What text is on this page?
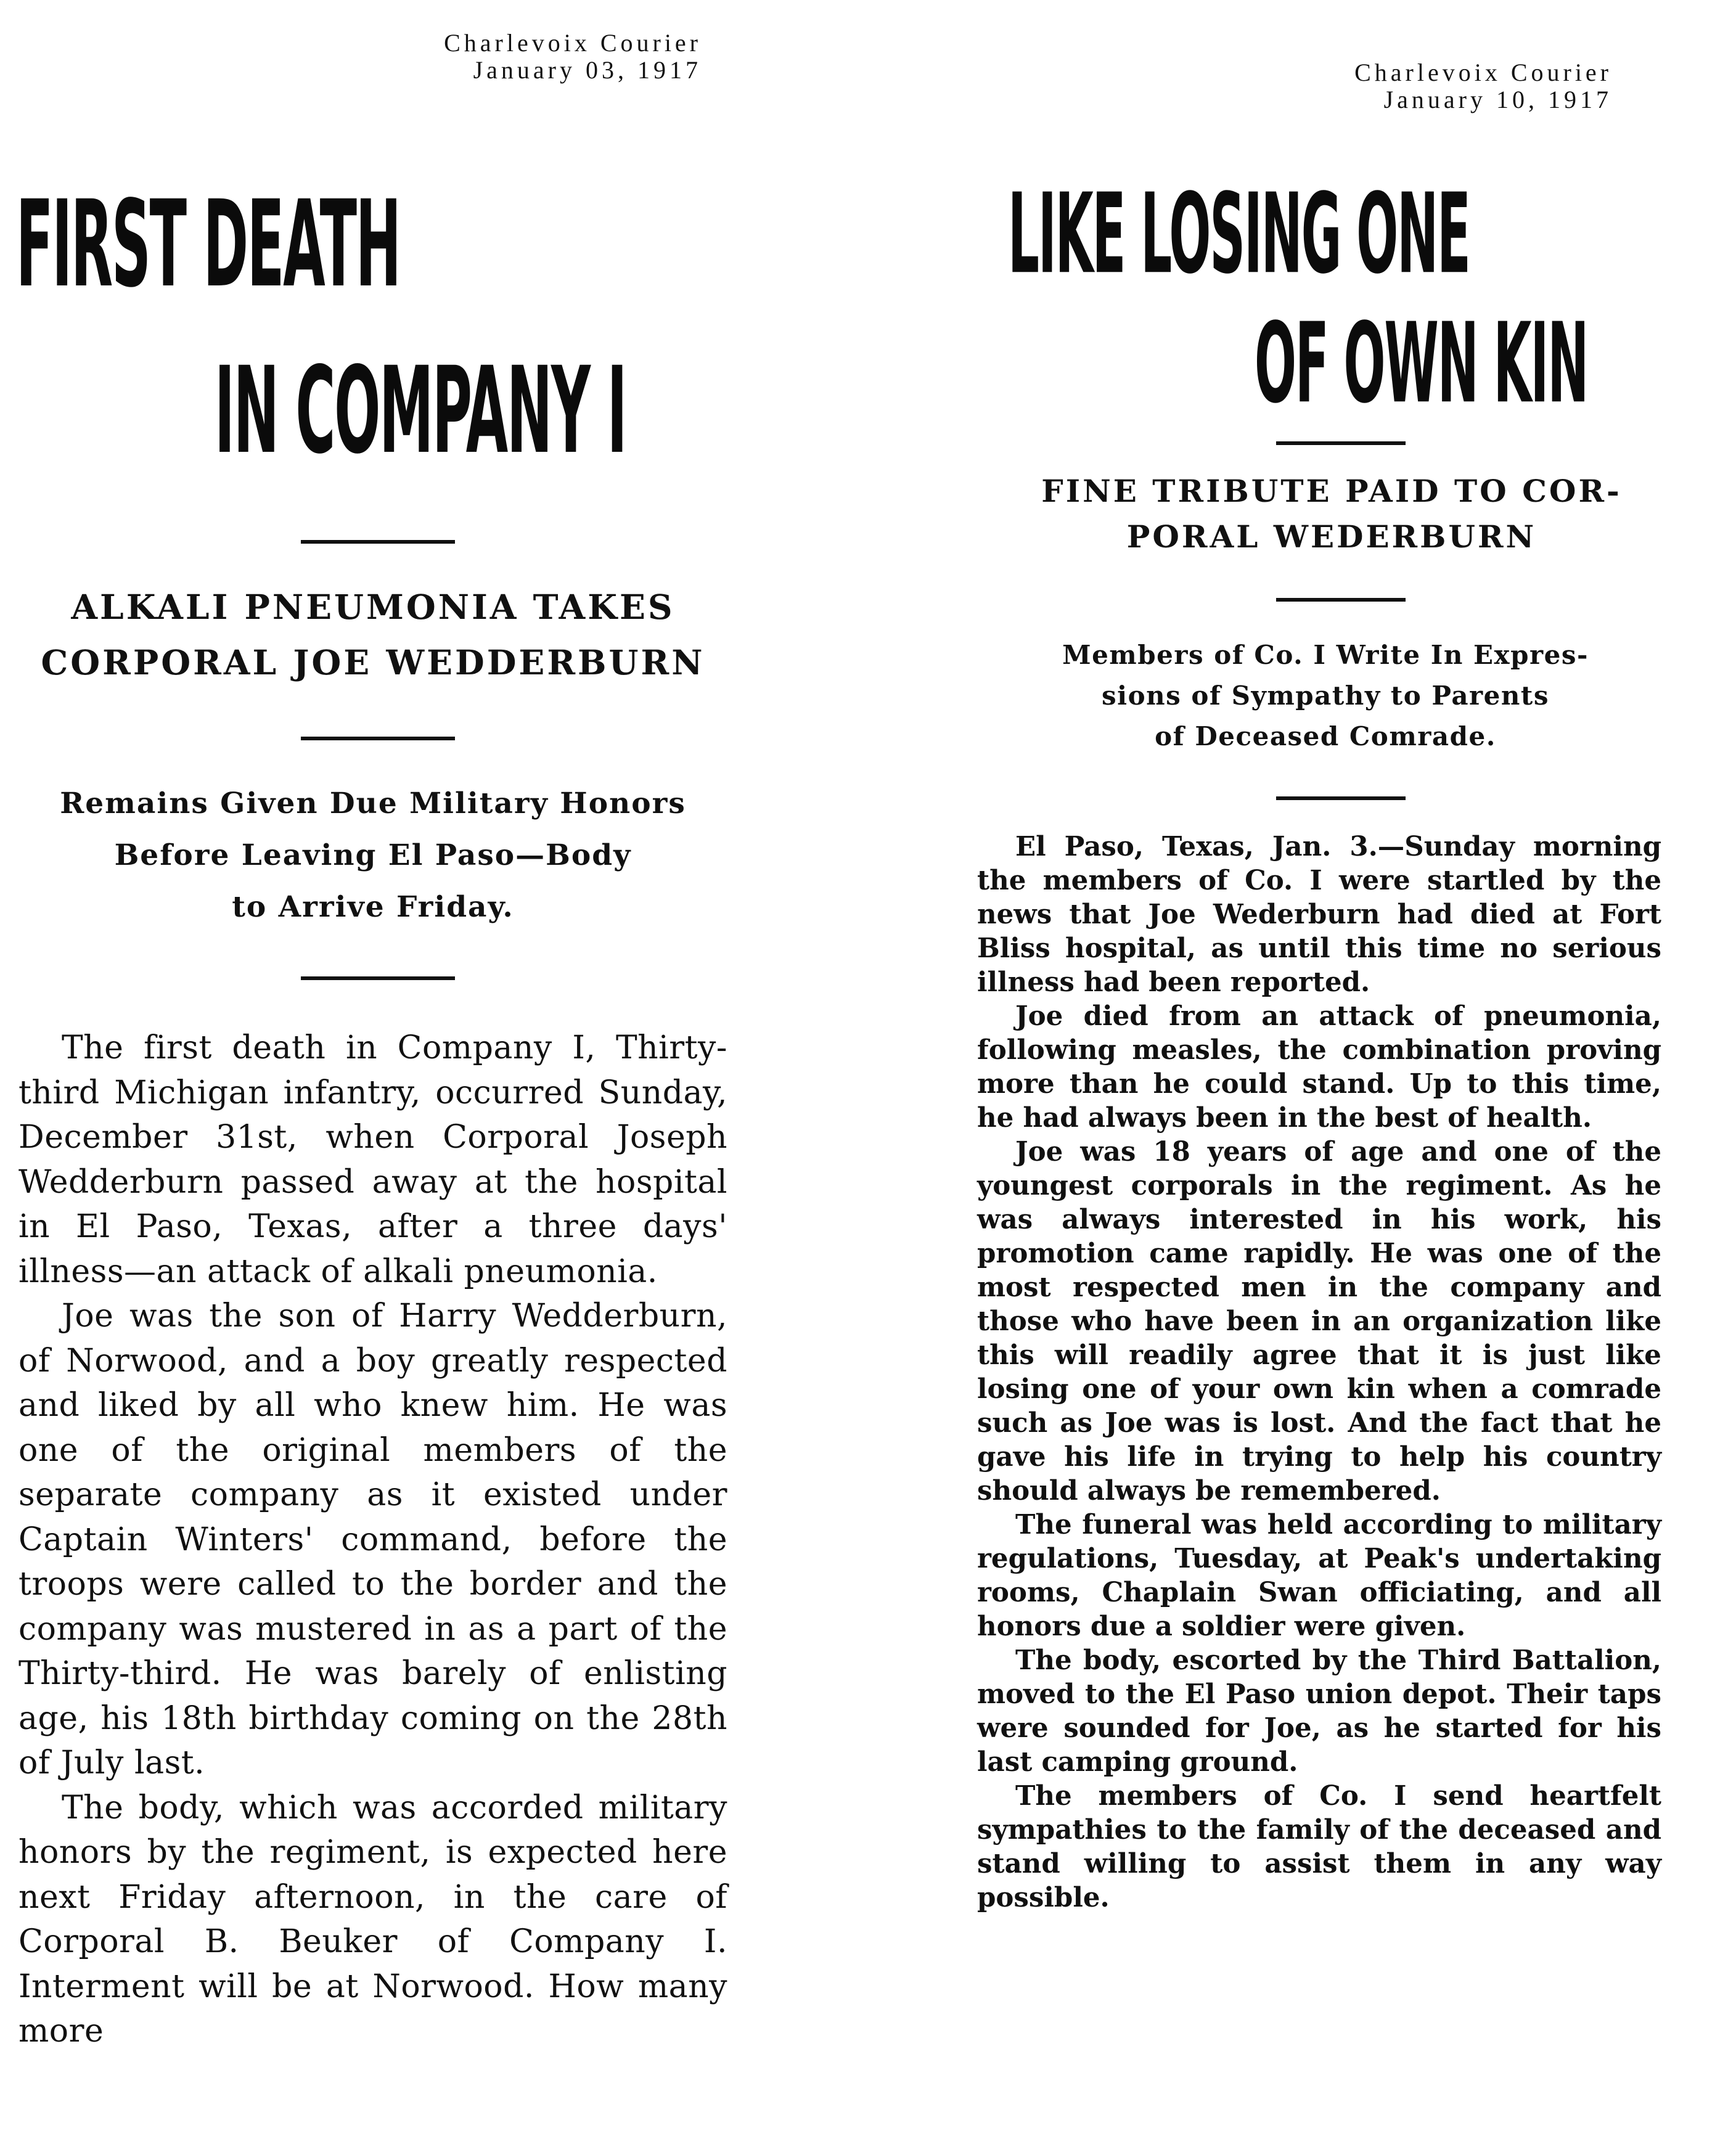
Charlevoix Courier
January 03, 1917
FIRST DEATH
IN COMPANY I
ALKALI PNEUMONIA TAKES
CORPORAL JOE WEDDERBURN
Remains Given Due Military Honors
Before Leaving El Paso—Body
to Arrive Friday.

The first death in Company I, Thirty-third Michigan infantry, occurred Sunday, December 31st, when Corporal Joseph Wedderburn passed away at the hospital in El Paso, Texas, after a three days' illness—an attack of alkali pneumonia.

Joe was the son of Harry Wedderburn, of Norwood, and a boy greatly respected and liked by all who knew him. He was one of the original members of the separate company as it existed under Captain Winters' command, before the troops were called to the border and the company was mustered in as a part of the Thirty-third. He was barely of enlisting age, his 18th birthday coming on the 28th of July last.

The body, which was accorded military honors by the regiment, is expected here next Friday afternoon, in the care of Corporal B. Beuker of Company I. Interment will be at Norwood. How many more

Charlevoix Courier
January 10, 1917
LIKE LOSING ONE
OF OWN KIN
FINE TRIBUTE PAID TO COR-
PORAL WEDERBURN
Members of Co. I Write In Expres-
sions of Sympathy to Parents
of Deceased Comrade.

El Paso, Texas, Jan. 3.—Sunday morning the members of Co. I were startled by the news that Joe Wederburn had died at Fort Bliss hospital, as until this time no serious illness had been reported.

Joe died from an attack of pneumonia, following measles, the combination proving more than he could stand. Up to this time, he had always been in the best of health.

Joe was 18 years of age and one of the youngest corporals in the regiment. As he was always interested in his work, his promotion came rapidly. He was one of the most respected men in the company and those who have been in an organization like this will readily agree that it is just like losing one of your own kin when a comrade such as Joe was is lost. And the fact that he gave his life in trying to help his country should always be remembered.

The funeral was held according to military regulations, Tuesday, at Peak's undertaking rooms, Chaplain Swan officiating, and all honors due a soldier were given.

The body, escorted by the Third Battalion, moved to the El Paso union depot. Their taps were sounded for Joe, as he started for his last camping ground.

The members of Co. I send heartfelt sympathies to the family of the deceased and stand willing to assist them in any way possible.
